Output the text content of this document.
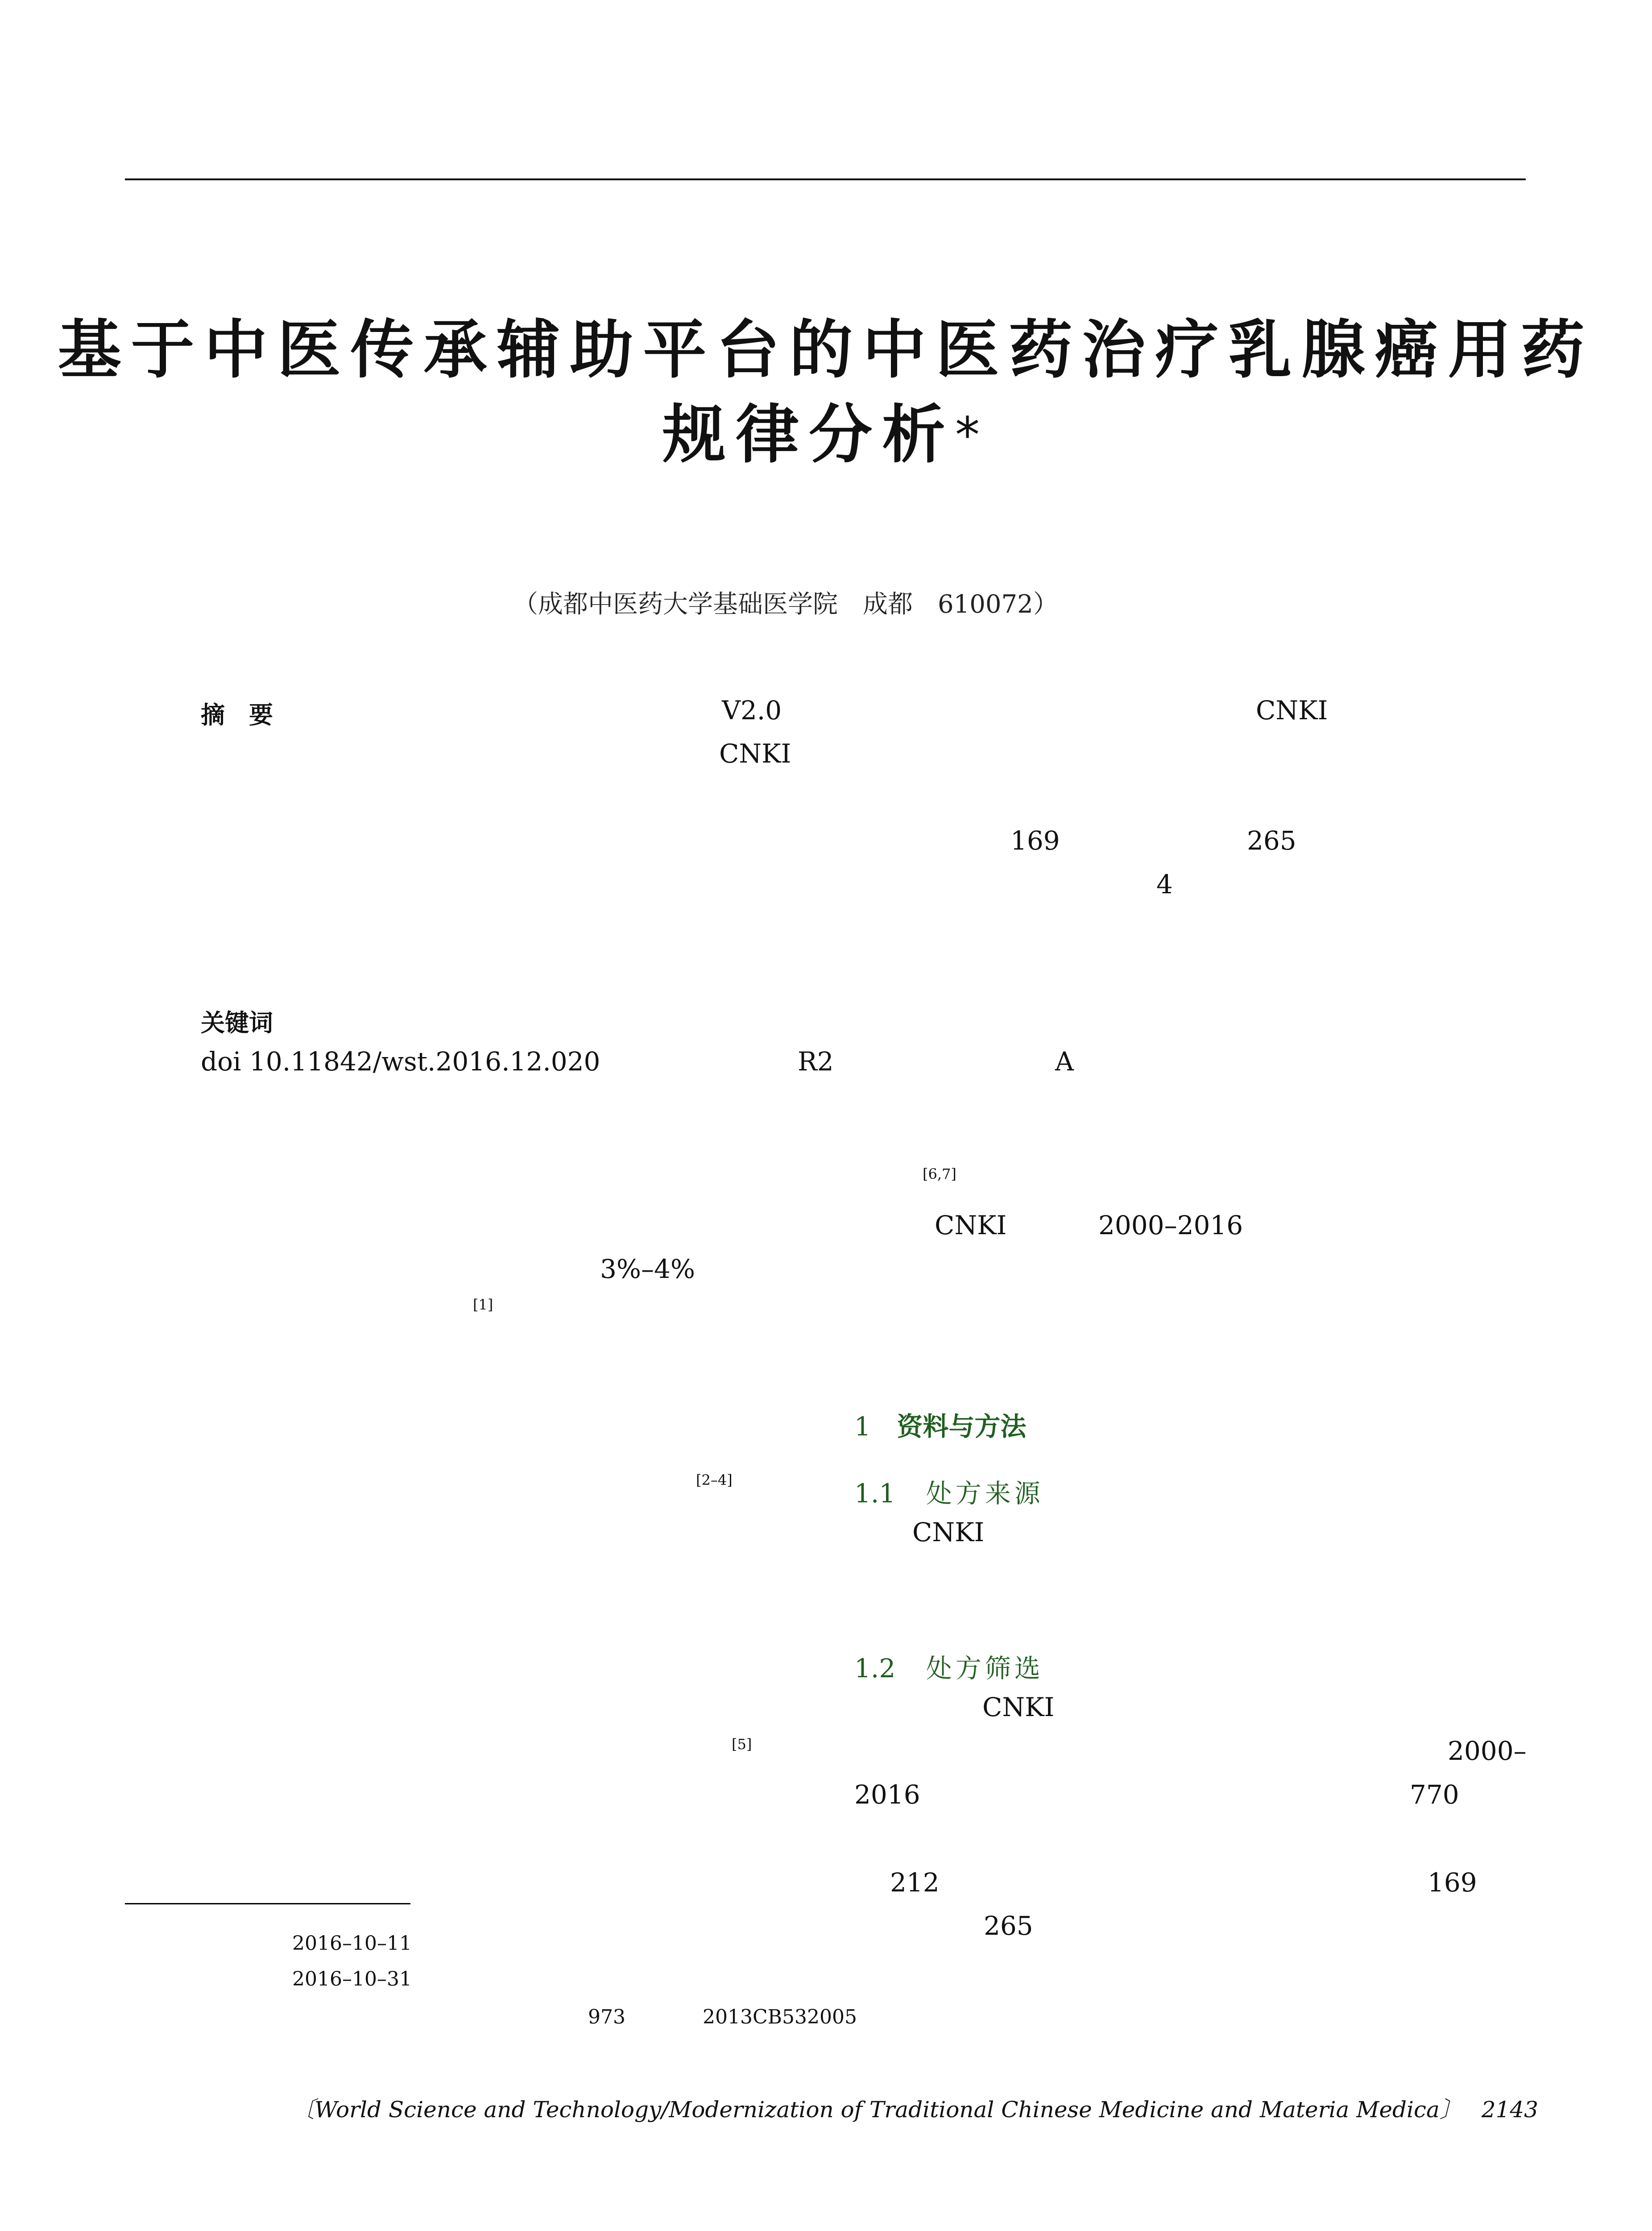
基于中医传承辅助平台的中医药治疗乳腺癌用药
规律分析*
（成都中医药大学基础医学院　成都　610072）
摘　要	V2.0	CNKI
CNKI
169	265
4
关键词
doi 10.11842/wst.2016.12.020	R2	A
3%–4%
[1]
[2–4]
[5]
[6,7]
CNKI	2000–2016
1 资料与方法
1.1 处方来源
CNKI
1.2 处方筛选
CNKI
2000–
2016	770
212	169
265
2016–10–11
2016–10–31
973	2013CB532005
〔World Science and Technology/Modernization of Traditional Chinese Medicine and Materia Medica〕 2143
